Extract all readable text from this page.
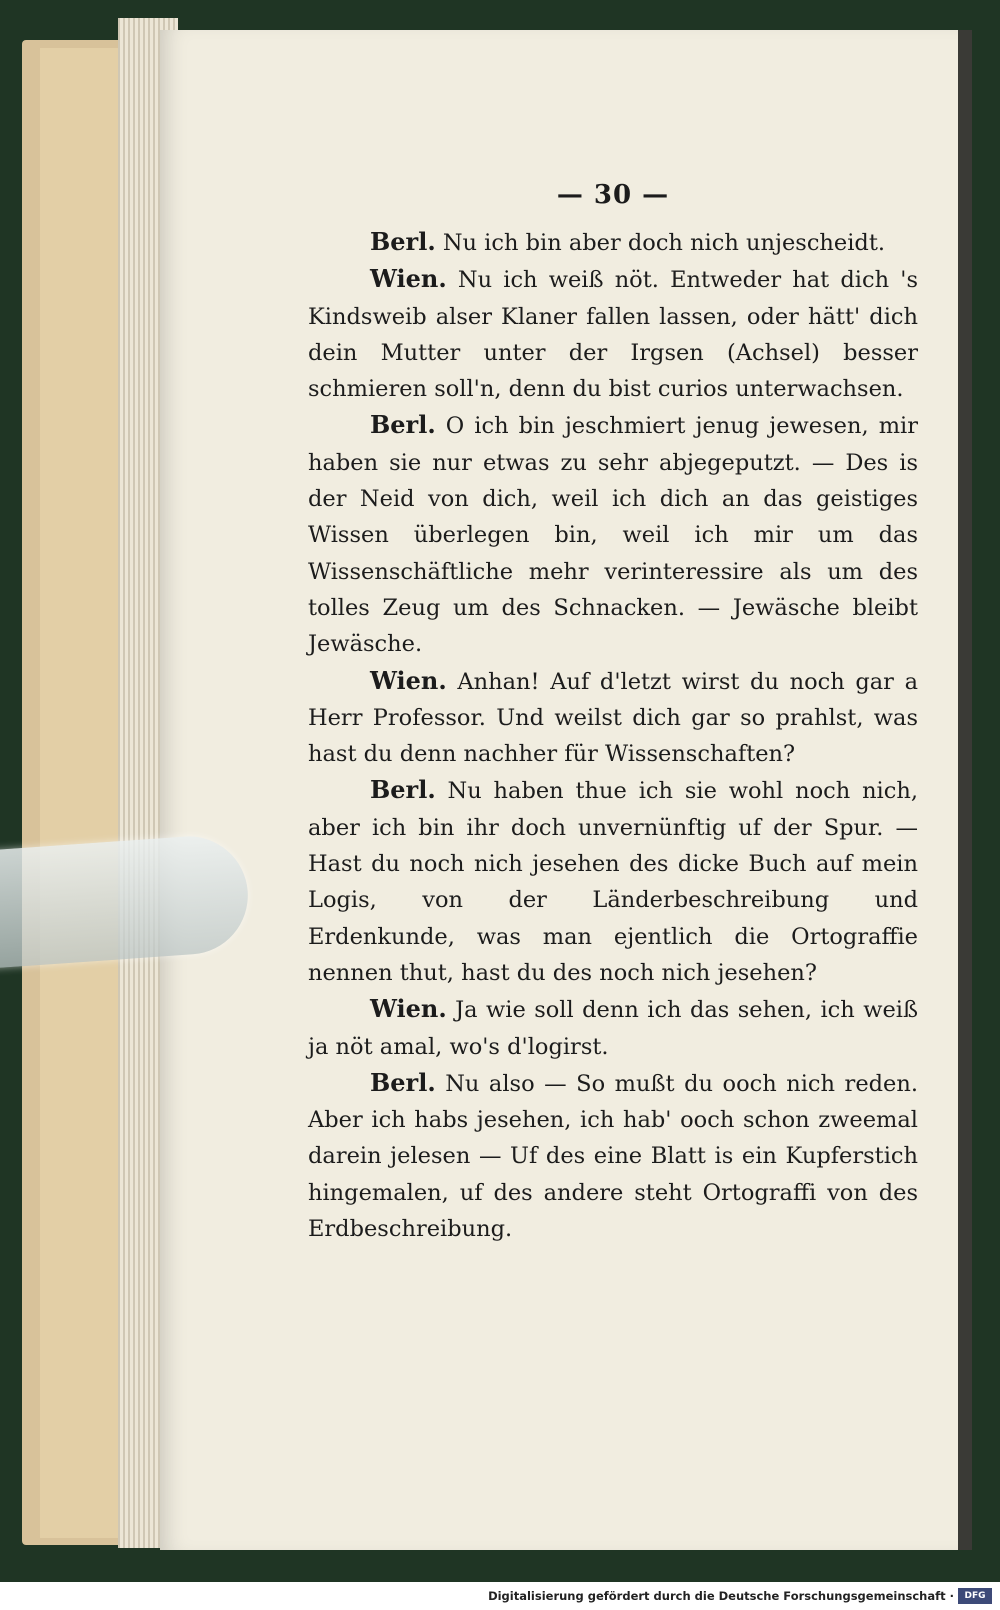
— 30 —

Berl. Nu ich bin aber doch nich unjescheidt.

Wien. Nu ich weiß nöt. Entweder hat dich 's Kindsweib alser Klaner fallen lassen, oder hätt' dich dein Mutter unter der Irgsen (Achsel) besser schmieren soll'n, denn du bist curios unterwachsen.

Berl. O ich bin jeschmiert jenug jewesen, mir haben sie nur etwas zu sehr abjegeputzt. — Des is der Neid von dich, weil ich dich an das geistiges Wissen überlegen bin, weil ich mir um das Wissenschäftliche mehr verinteressire als um des tolles Zeug um des Schnacken. — Jewäsche bleibt Jewäsche.

Wien. Anhan! Auf d'letzt wirst du noch gar a Herr Professor. Und weilst dich gar so prahlst, was hast du denn nachher für Wissenschaften?

Berl. Nu haben thue ich sie wohl noch nich, aber ich bin ihr doch unvernünftig uf der Spur. — Hast du noch nich jesehen des dicke Buch auf mein Logis, von der Länderbeschreibung und Erdenkunde, was man ejentlich die Ortograffie nennen thut, hast du des noch nich jesehen?

Wien. Ja wie soll denn ich das sehen, ich weiß ja nöt amal, wo's d'logirst.

Berl. Nu also — So mußt du ooch nich reden. Aber ich habs jesehen, ich hab' ooch schon zweemal darein jelesen — Uf des eine Blatt is ein Kupferstich hingemalen, uf des andere steht Ortograffi von des Erdbeschreibung.

Digitalisierung gefördert durch die Deutsche Forschungsgemeinschaft ·	DFG
